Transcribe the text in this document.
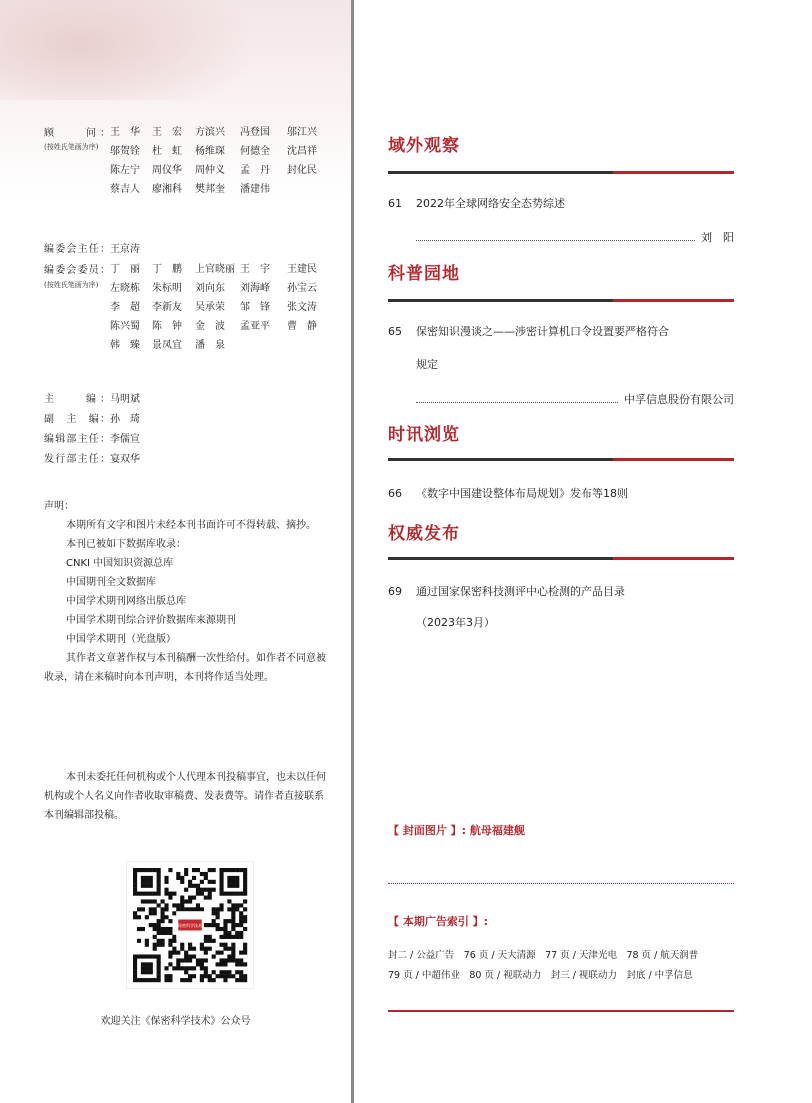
顾　　问：
(按姓氏笔画为序)
王　华	王　宏	方滨兴	冯登国	邬江兴
邬贺铨	杜　虹	杨维琛	何德全	沈昌祥
陈左宁	周仪华	周仲义	孟　丹	封化民
蔡吉人	廖湘科	樊邦奎	潘建伟
编委会主任： 王京涛
编委会委员：
(按姓氏笔画为序)
丁　丽	丁　鹏	上官晓丽 王　宇	王建民
左晓栋	朱标明	刘向东	刘海峰	孙宝云
李　超	李新友	吴承荣	邹　锋	张文涛
陈兴蜀	陈　钟	金　波	孟亚平	曹　静
韩　臻	景凤宜	潘　泉
主　　编： 马明斌
副　主　编： 孙　琦
编辑部主任： 李儒宣
发行部主任： 宴双华

声明：

本期所有文字和图片未经本刊书面许可不得转载、摘抄。

本刊已被如下数据库收录：

CNKI 中国知识资源总库

中国期刊全文数据库

中国学术期刊网络出版总库

中国学术期刊综合评价数据库来源期刊

中国学术期刊（光盘版）

其作者文章著作权与本刊稿酬一次性给付。如作者不同意被收录，请在来稿时向本刊声明，本刊将作适当处理。

本刊未委托任何机构或个人代理本刊投稿事宜，也未以任何机构或个人名义向作者收取审稿费、发表费等。请作者直接联系本刊编辑部投稿。

保密科学技术
欢迎关注《保密科学技术》公众号
域外观察
61 2022年全球网络安全态势综述
刘　阳
科普园地
65 保密知识漫谈之——涉密计算机口令设置要严格符合
规定
中孚信息股份有限公司
时讯浏览
66 《数字中国建设整体布局规划》发布等18则
权威发布
69 通过国家保密科技测评中心检测的产品目录
（2023年3月）
【 封面图片 】: 航母福建舰
【 本期广告索引 】:
封二 / 公益广告　76 页 / 天大清源　77 页 / 天津光电　78 页 / 航天润普
79 页 / 中超伟业　80 页 / 视联动力　封三 / 视联动力　封底 / 中孚信息
